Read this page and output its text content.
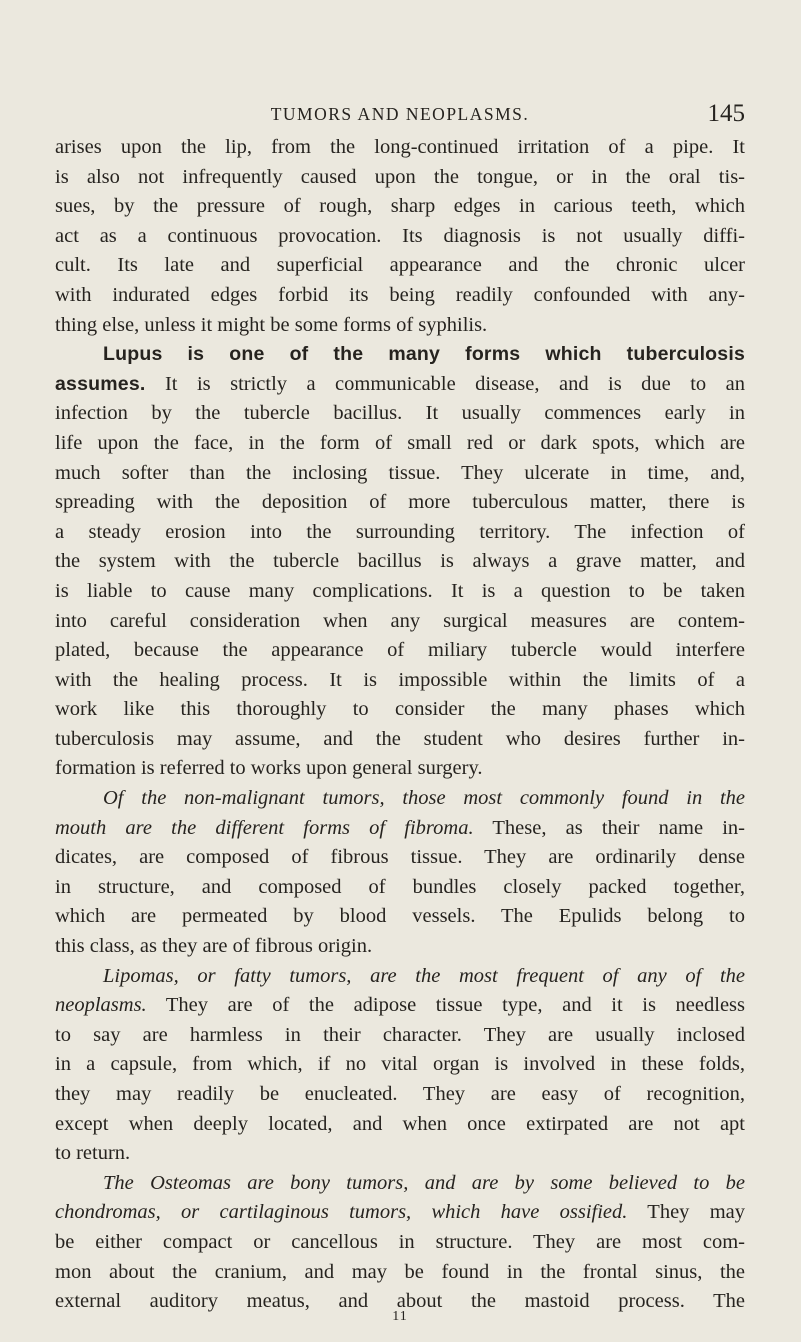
TUMORS AND NEOPLASMS.	145
arises upon the lip, from the long-continued irritation of a pipe. It
is also not infrequently caused upon the tongue, or in the oral tis-
sues, by the pressure of rough, sharp edges in carious teeth, which
act as a continuous provocation. Its diagnosis is not usually diffi-
cult. Its late and superficial appearance and the chronic ulcer
with indurated edges forbid its being readily confounded with any-
thing else, unless it might be some forms of syphilis.
Lupus is one of the many forms which tuberculosis
assumes. It is strictly a communicable disease, and is due to an
infection by the tubercle bacillus. It usually commences early in
life upon the face, in the form of small red or dark spots, which are
much softer than the inclosing tissue. They ulcerate in time, and,
spreading with the deposition of more tuberculous matter, there is
a steady erosion into the surrounding territory. The infection of
the system with the tubercle bacillus is always a grave matter, and
is liable to cause many complications. It is a question to be taken
into careful consideration when any surgical measures are contem-
plated, because the appearance of miliary tubercle would interfere
with the healing process. It is impossible within the limits of a
work like this thoroughly to consider the many phases which
tuberculosis may assume, and the student who desires further in-
formation is referred to works upon general surgery.
Of the non-malignant tumors, those most commonly found in the
mouth are the different forms of fibroma. These, as their name in-
dicates, are composed of fibrous tissue. They are ordinarily dense
in structure, and composed of bundles closely packed together,
which are permeated by blood vessels. The Epulids belong to
this class, as they are of fibrous origin.
Lipomas, or fatty tumors, are the most frequent of any of the
neoplasms. They are of the adipose tissue type, and it is needless
to say are harmless in their character. They are usually inclosed
in a capsule, from which, if no vital organ is involved in these folds,
they may readily be enucleated. They are easy of recognition,
except when deeply located, and when once extirpated are not apt
to return.
The Osteomas are bony tumors, and are by some believed to be
chondromas, or cartilaginous tumors, which have ossified. They may
be either compact or cancellous in structure. They are most com-
mon about the cranium, and may be found in the frontal sinus, the
external auditory meatus, and about the mastoid process. The
11
